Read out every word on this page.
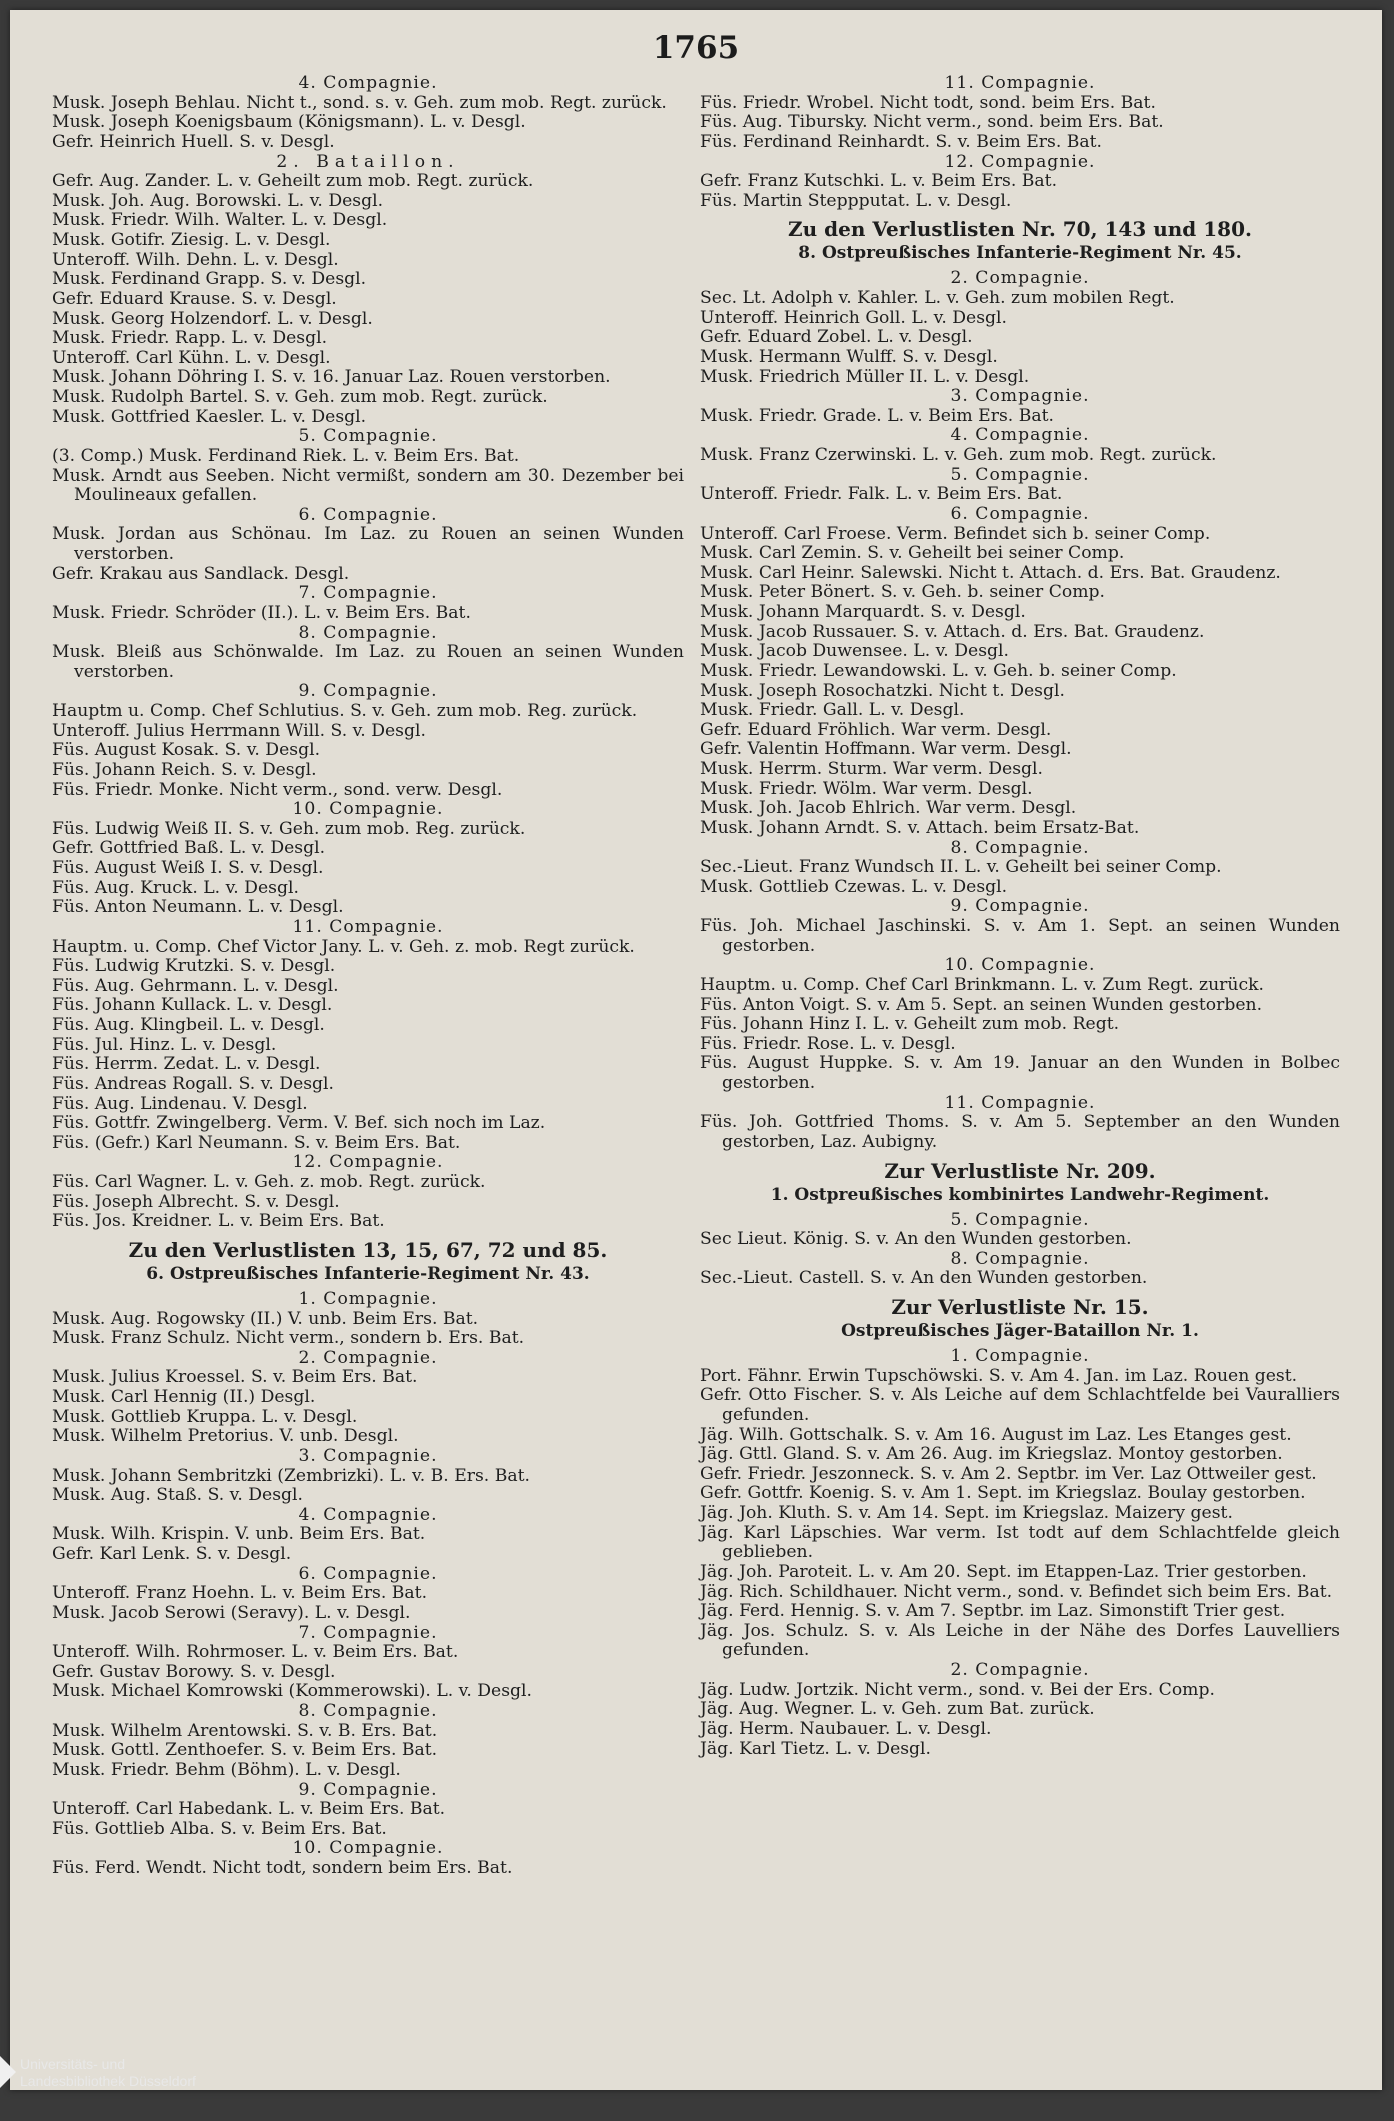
1765
4. Compagnie.
Musk. Joseph Behlau. Nicht t., sond. s. v. Geh. zum mob. Regt. zurück.
Musk. Joseph Koenigsbaum (Königsmann). L. v. Desgl.
Gefr. Heinrich Huell. S. v. Desgl.
2. Bataillon.
Gefr. Aug. Zander. L. v. Geheilt zum mob. Regt. zurück.
Musk. Joh. Aug. Borowski. L. v. Desgl.
Musk. Friedr. Wilh. Walter. L. v. Desgl.
Musk. Gotifr. Ziesig. L. v. Desgl.
Unteroff. Wilh. Dehn. L. v. Desgl.
Musk. Ferdinand Grapp. S. v. Desgl.
Gefr. Eduard Krause. S. v. Desgl.
Musk. Georg Holzendorf. L. v. Desgl.
Musk. Friedr. Rapp. L. v. Desgl.
Unteroff. Carl Kühn. L. v. Desgl.
Musk. Johann Döhring I. S. v. 16. Januar Laz. Rouen verstorben.
Musk. Rudolph Bartel. S. v. Geh. zum mob. Regt. zurück.
Musk. Gottfried Kaesler. L. v. Desgl.
5. Compagnie.
(3. Comp.) Musk. Ferdinand Riek. L. v. Beim Ers. Bat.
Musk. Arndt aus Seeben. Nicht vermißt, sondern am 30. Dezember bei Moulineaux gefallen.
6. Compagnie.
Musk. Jordan aus Schönau. Im Laz. zu Rouen an seinen Wunden verstorben.
Gefr. Krakau aus Sandlack. Desgl.
7. Compagnie.
Musk. Friedr. Schröder (II.). L. v. Beim Ers. Bat.
8. Compagnie.
Musk. Bleiß aus Schönwalde. Im Laz. zu Rouen an seinen Wunden verstorben.
9. Compagnie.
Hauptm u. Comp. Chef Schlutius. S. v. Geh. zum mob. Reg. zurück.
Unteroff. Julius Herrmann Will. S. v. Desgl.
Füs. August Kosak. S. v. Desgl.
Füs. Johann Reich. S. v. Desgl.
Füs. Friedr. Monke. Nicht verm., sond. verw. Desgl.
10. Compagnie.
Füs. Ludwig Weiß II. S. v. Geh. zum mob. Reg. zurück.
Gefr. Gottfried Baß. L. v. Desgl.
Füs. August Weiß I. S. v. Desgl.
Füs. Aug. Kruck. L. v. Desgl.
Füs. Anton Neumann. L. v. Desgl.
11. Compagnie.
Hauptm. u. Comp. Chef Victor Jany. L. v. Geh. z. mob. Regt zurück.
Füs. Ludwig Krutzki. S. v. Desgl.
Füs. Aug. Gehrmann. L. v. Desgl.
Füs. Johann Kullack. L. v. Desgl.
Füs. Aug. Klingbeil. L. v. Desgl.
Füs. Jul. Hinz. L. v. Desgl.
Füs. Herrm. Zedat. L. v. Desgl.
Füs. Andreas Rogall. S. v. Desgl.
Füs. Aug. Lindenau. V. Desgl.
Füs. Gottfr. Zwingelberg. Verm. V. Bef. sich noch im Laz.
Füs. (Gefr.) Karl Neumann. S. v. Beim Ers. Bat.
12. Compagnie.
Füs. Carl Wagner. L. v. Geh. z. mob. Regt. zurück.
Füs. Joseph Albrecht. S. v. Desgl.
Füs. Jos. Kreidner. L. v. Beim Ers. Bat.
Zu den Verlustlisten 13, 15, 67, 72 und 85.
6. Ostpreußisches Infanterie-Regiment Nr. 43.
1. Compagnie.
Musk. Aug. Rogowsky (II.) V. unb. Beim Ers. Bat.
Musk. Franz Schulz. Nicht verm., sondern b. Ers. Bat.
2. Compagnie.
Musk. Julius Kroessel. S. v. Beim Ers. Bat.
Musk. Carl Hennig (II.) Desgl.
Musk. Gottlieb Kruppa. L. v. Desgl.
Musk. Wilhelm Pretorius. V. unb. Desgl.
3. Compagnie.
Musk. Johann Sembritzki (Zembrizki). L. v. B. Ers. Bat.
Musk. Aug. Staß. S. v. Desgl.
4. Compagnie.
Musk. Wilh. Krispin. V. unb. Beim Ers. Bat.
Gefr. Karl Lenk. S. v. Desgl.
6. Compagnie.
Unteroff. Franz Hoehn. L. v. Beim Ers. Bat.
Musk. Jacob Serowi (Seravy). L. v. Desgl.
7. Compagnie.
Unteroff. Wilh. Rohrmoser. L. v. Beim Ers. Bat.
Gefr. Gustav Borowy. S. v. Desgl.
Musk. Michael Komrowski (Kommerowski). L. v. Desgl.
8. Compagnie.
Musk. Wilhelm Arentowski. S. v. B. Ers. Bat.
Musk. Gottl. Zenthoefer. S. v. Beim Ers. Bat.
Musk. Friedr. Behm (Böhm). L. v. Desgl.
9. Compagnie.
Unteroff. Carl Habedank. L. v. Beim Ers. Bat.
Füs. Gottlieb Alba. S. v. Beim Ers. Bat.
10. Compagnie.
Füs. Ferd. Wendt. Nicht todt, sondern beim Ers. Bat.
11. Compagnie.
Füs. Friedr. Wrobel. Nicht todt, sond. beim Ers. Bat.
Füs. Aug. Tibursky. Nicht verm., sond. beim Ers. Bat.
Füs. Ferdinand Reinhardt. S. v. Beim Ers. Bat.
12. Compagnie.
Gefr. Franz Kutschki. L. v. Beim Ers. Bat.
Füs. Martin Steppputat. L. v. Desgl.
Zu den Verlustlisten Nr. 70, 143 und 180.
8. Ostpreußisches Infanterie-Regiment Nr. 45.
2. Compagnie.
Sec. Lt. Adolph v. Kahler. L. v. Geh. zum mobilen Regt.
Unteroff. Heinrich Goll. L. v. Desgl.
Gefr. Eduard Zobel. L. v. Desgl.
Musk. Hermann Wulff. S. v. Desgl.
Musk. Friedrich Müller II. L. v. Desgl.
3. Compagnie.
Musk. Friedr. Grade. L. v. Beim Ers. Bat.
4. Compagnie.
Musk. Franz Czerwinski. L. v. Geh. zum mob. Regt. zurück.
5. Compagnie.
Unteroff. Friedr. Falk. L. v. Beim Ers. Bat.
6. Compagnie.
Unteroff. Carl Froese. Verm. Befindet sich b. seiner Comp.
Musk. Carl Zemin. S. v. Geheilt bei seiner Comp.
Musk. Carl Heinr. Salewski. Nicht t. Attach. d. Ers. Bat. Graudenz.
Musk. Peter Bönert. S. v. Geh. b. seiner Comp.
Musk. Johann Marquardt. S. v. Desgl.
Musk. Jacob Russauer. S. v. Attach. d. Ers. Bat. Graudenz.
Musk. Jacob Duwensee. L. v. Desgl.
Musk. Friedr. Lewandowski. L. v. Geh. b. seiner Comp.
Musk. Joseph Rosochatzki. Nicht t. Desgl.
Musk. Friedr. Gall. L. v. Desgl.
Gefr. Eduard Fröhlich. War verm. Desgl.
Gefr. Valentin Hoffmann. War verm. Desgl.
Musk. Herrm. Sturm. War verm. Desgl.
Musk. Friedr. Wölm. War verm. Desgl.
Musk. Joh. Jacob Ehlrich. War verm. Desgl.
Musk. Johann Arndt. S. v. Attach. beim Ersatz-Bat.
8. Compagnie.
Sec.-Lieut. Franz Wundsch II. L. v. Geheilt bei seiner Comp.
Musk. Gottlieb Czewas. L. v. Desgl.
9. Compagnie.
Füs. Joh. Michael Jaschinski. S. v. Am 1. Sept. an seinen Wunden gestorben.
10. Compagnie.
Hauptm. u. Comp. Chef Carl Brinkmann. L. v. Zum Regt. zurück.
Füs. Anton Voigt. S. v. Am 5. Sept. an seinen Wunden gestorben.
Füs. Johann Hinz I. L. v. Geheilt zum mob. Regt.
Füs. Friedr. Rose. L. v. Desgl.
Füs. August Huppke. S. v. Am 19. Januar an den Wunden in Bolbec gestorben.
11. Compagnie.
Füs. Joh. Gottfried Thoms. S. v. Am 5. September an den Wunden gestorben, Laz. Aubigny.
Zur Verlustliste Nr. 209.
1. Ostpreußisches kombinirtes Landwehr-Regiment.
5. Compagnie.
Sec Lieut. König. S. v. An den Wunden gestorben.
8. Compagnie.
Sec.-Lieut. Castell. S. v. An den Wunden gestorben.
Zur Verlustliste Nr. 15.
Ostpreußisches Jäger-Bataillon Nr. 1.
1. Compagnie.
Port. Fähnr. Erwin Tupschöwski. S. v. Am 4. Jan. im Laz. Rouen gest.
Gefr. Otto Fischer. S. v. Als Leiche auf dem Schlachtfelde bei Vauralliers gefunden.
Jäg. Wilh. Gottschalk. S. v. Am 16. August im Laz. Les Etanges gest.
Jäg. Gttl. Gland. S. v. Am 26. Aug. im Kriegslaz. Montoy gestorben.
Gefr. Friedr. Jeszonneck. S. v. Am 2. Septbr. im Ver. Laz Ottweiler gest.
Gefr. Gottfr. Koenig. S. v. Am 1. Sept. im Kriegslaz. Boulay gestorben.
Jäg. Joh. Kluth. S. v. Am 14. Sept. im Kriegslaz. Maizery gest.
Jäg. Karl Läpschies. War verm. Ist todt auf dem Schlachtfelde gleich geblieben.
Jäg. Joh. Paroteit. L. v. Am 20. Sept. im Etappen-Laz. Trier gestorben.
Jäg. Rich. Schildhauer. Nicht verm., sond. v. Befindet sich beim Ers. Bat.
Jäg. Ferd. Hennig. S. v. Am 7. Septbr. im Laz. Simonstift Trier gest.
Jäg. Jos. Schulz. S. v. Als Leiche in der Nähe des Dorfes Lauvelliers gefunden.
2. Compagnie.
Jäg. Ludw. Jortzik. Nicht verm., sond. v. Bei der Ers. Comp.
Jäg. Aug. Wegner. L. v. Geh. zum Bat. zurück.
Jäg. Herm. Naubauer. L. v. Desgl.
Jäg. Karl Tietz. L. v. Desgl.
Universitäts- und
Landesbibliothek Düsseldorf
